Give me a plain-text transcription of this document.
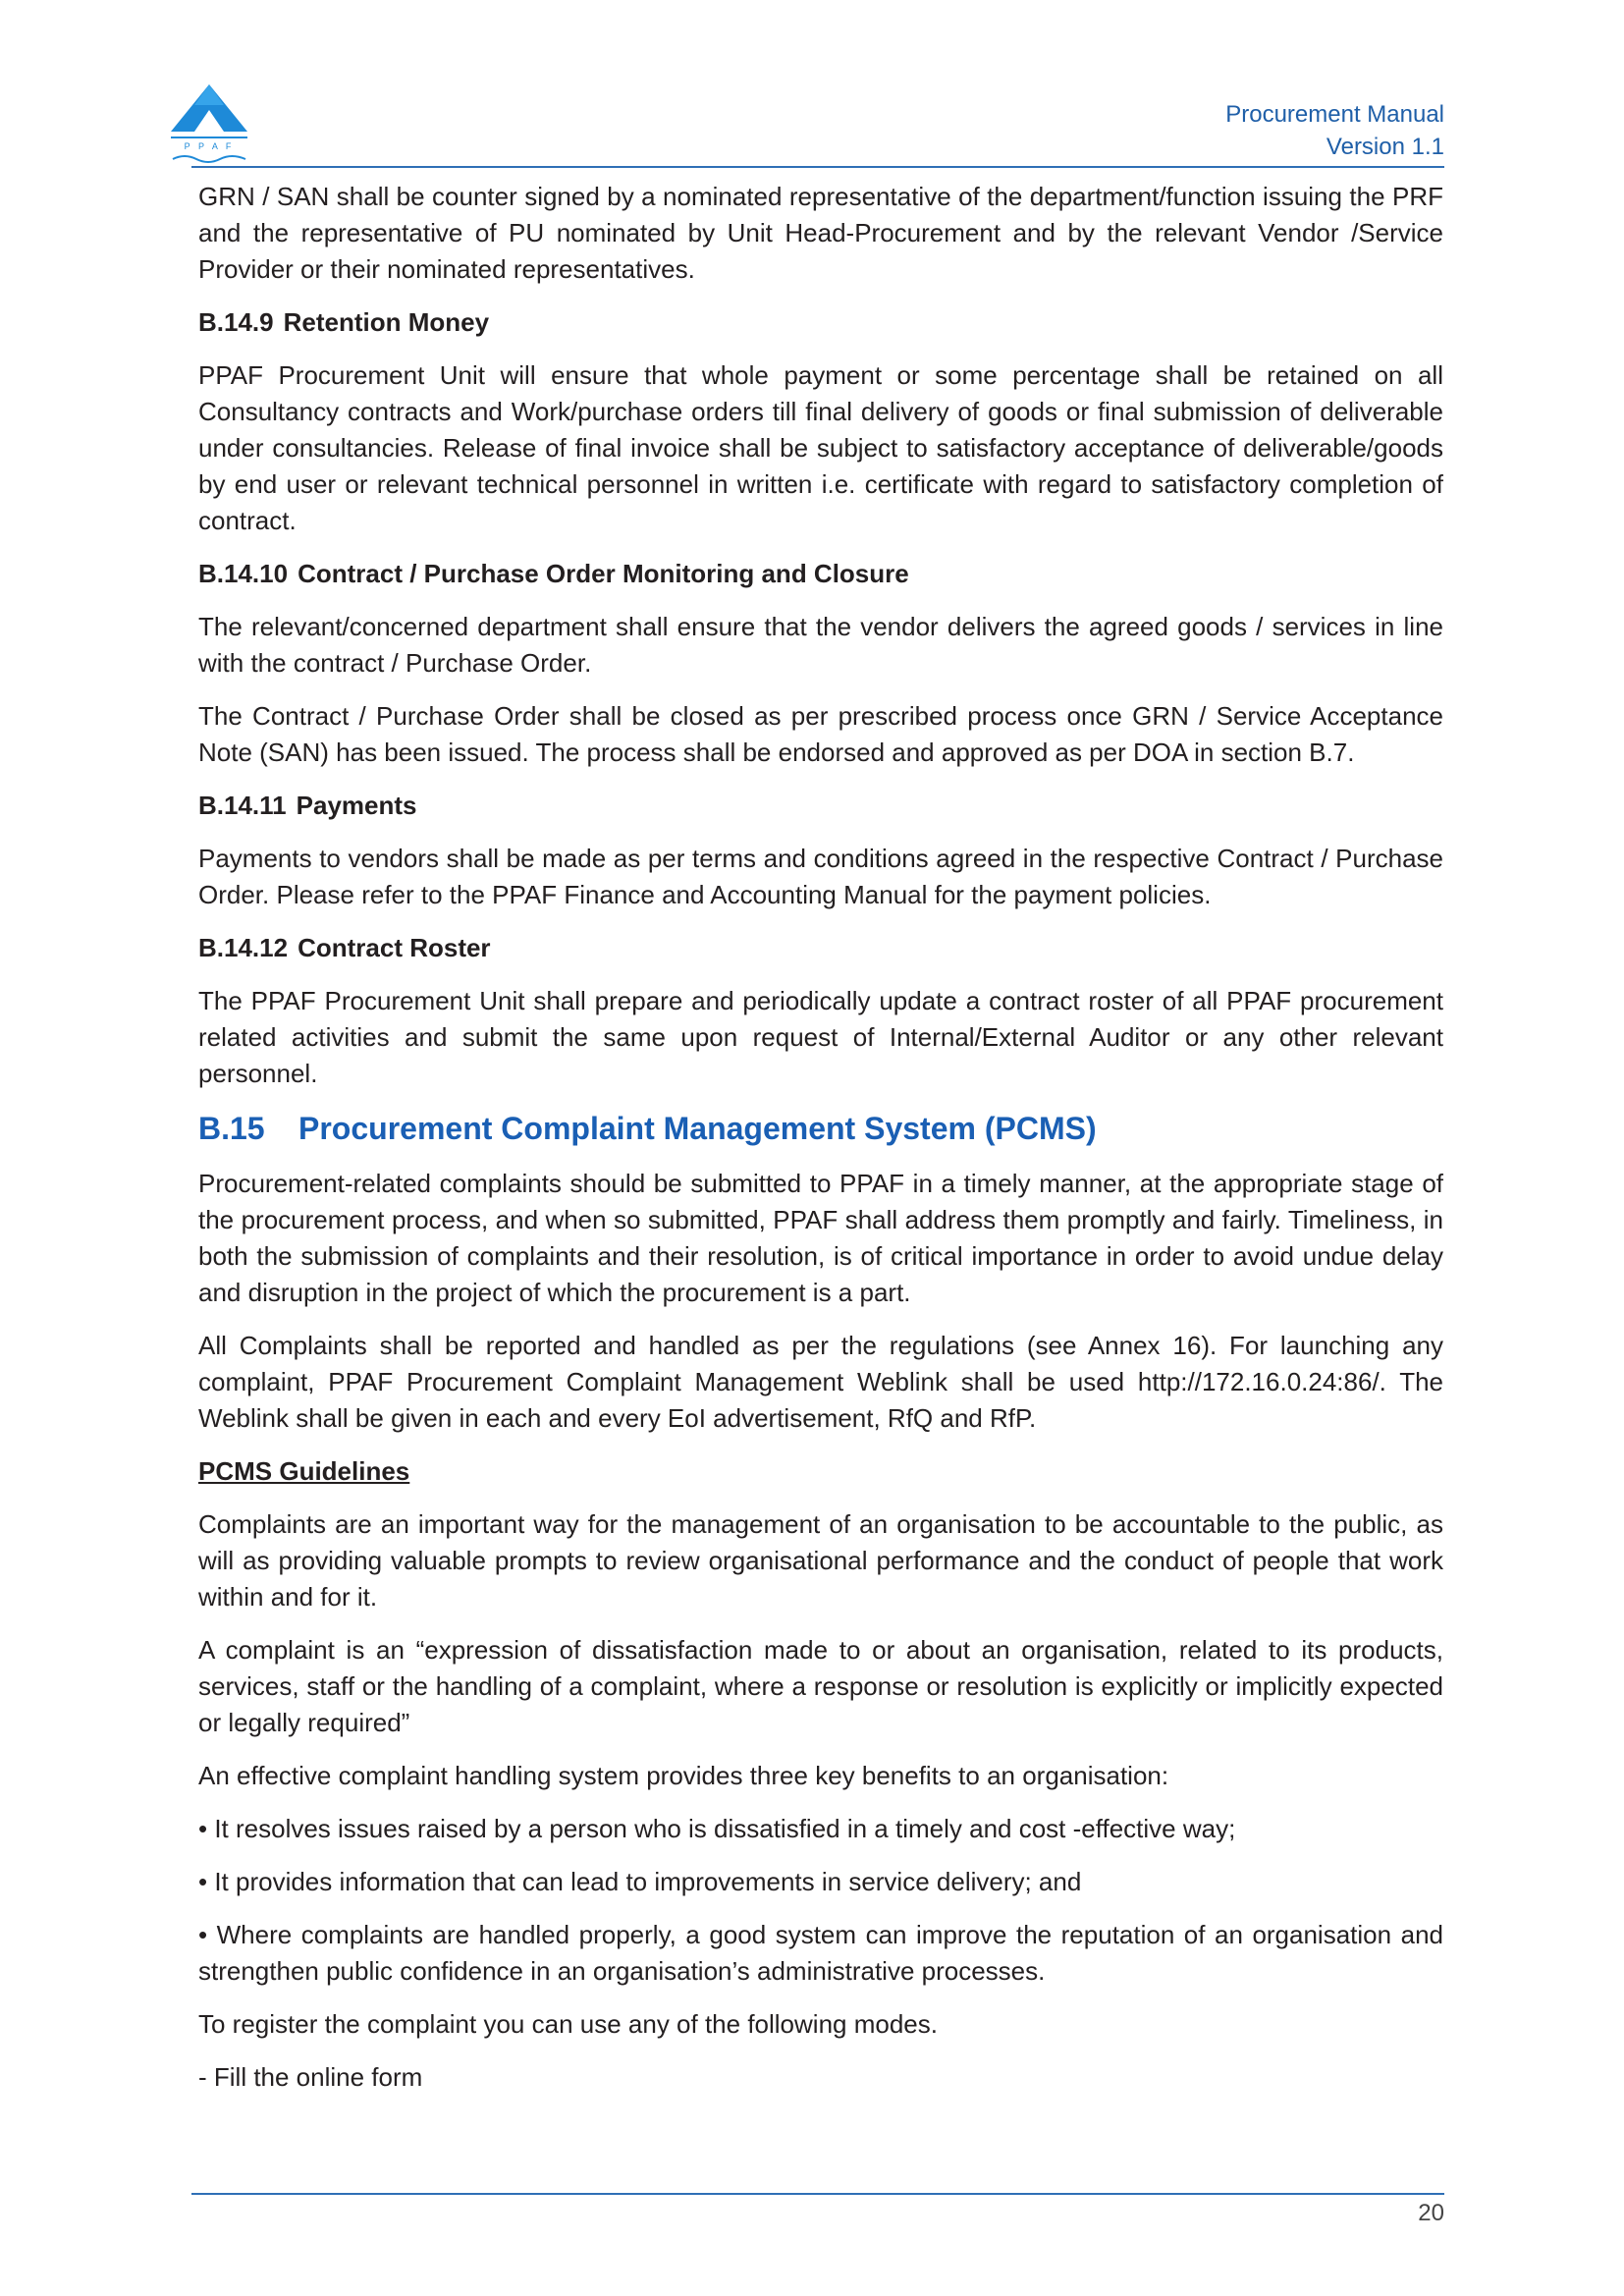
P P A F
Procurement Manual
Version 1.1

GRN / SAN shall be counter signed by a nominated representative of the department/function issuing the PRF and the representative of PU nominated by Unit Head-Procurement and by the relevant Vendor /Service Provider or their nominated representatives.

B.14.9 Retention Money

PPAF Procurement Unit will ensure that whole payment or some percentage shall be retained on all Consultancy contracts and Work/purchase orders till final delivery of goods or final submission of deliverable under consultancies. Release of final invoice shall be subject to satisfactory acceptance of deliverable/goods by end user or relevant technical personnel in written i.e. certificate with regard to satisfactory completion of contract.

B.14.10 Contract / Purchase Order Monitoring and Closure

The relevant/concerned department shall ensure that the vendor delivers the agreed goods / services in line with the contract / Purchase Order.

The Contract / Purchase Order shall be closed as per prescribed process once GRN / Service Acceptance Note (SAN) has been issued. The process shall be endorsed and approved as per DOA in section B.7.

B.14.11 Payments

Payments to vendors shall be made as per terms and conditions agreed in the respective Contract / Purchase Order. Please refer to the PPAF Finance and Accounting Manual for the payment policies.

B.14.12 Contract Roster

The PPAF Procurement Unit shall prepare and periodically update a contract roster of all PPAF procurement related activities and submit the same upon request of Internal/External Auditor or any other relevant personnel.

B.15 Procurement Complaint Management System (PCMS)

Procurement-related complaints should be submitted to PPAF in a timely manner, at the appropriate stage of the procurement process, and when so submitted, PPAF shall address them promptly and fairly. Timeliness, in both the submission of complaints and their resolution, is of critical importance in order to avoid undue delay and disruption in the project of which the procurement is a part.

All Complaints shall be reported and handled as per the regulations (see Annex 16). For launching any complaint, PPAF Procurement Complaint Management Weblink shall be used http://172.16.0.24:86/. The Weblink shall be given in each and every EoI advertisement, RfQ and RfP.

PCMS Guidelines

Complaints are an important way for the management of an organisation to be accountable to the public, as will as providing valuable prompts to review organisational performance and the conduct of people that work within and for it.

A complaint is an “expression of dissatisfaction made to or about an organisation, related to its products, services, staff or the handling of a complaint, where a response or resolution is explicitly or implicitly expected or legally required”

An effective complaint handling system provides three key benefits to an organisation:

• It resolves issues raised by a person who is dissatisfied in a timely and cost -effective way;

• It provides information that can lead to improvements in service delivery; and

• Where complaints are handled properly, a good system can improve the reputation of an organisation and strengthen public confidence in an organisation’s administrative processes.

To register the complaint you can use any of the following modes.

- Fill the online form

20
